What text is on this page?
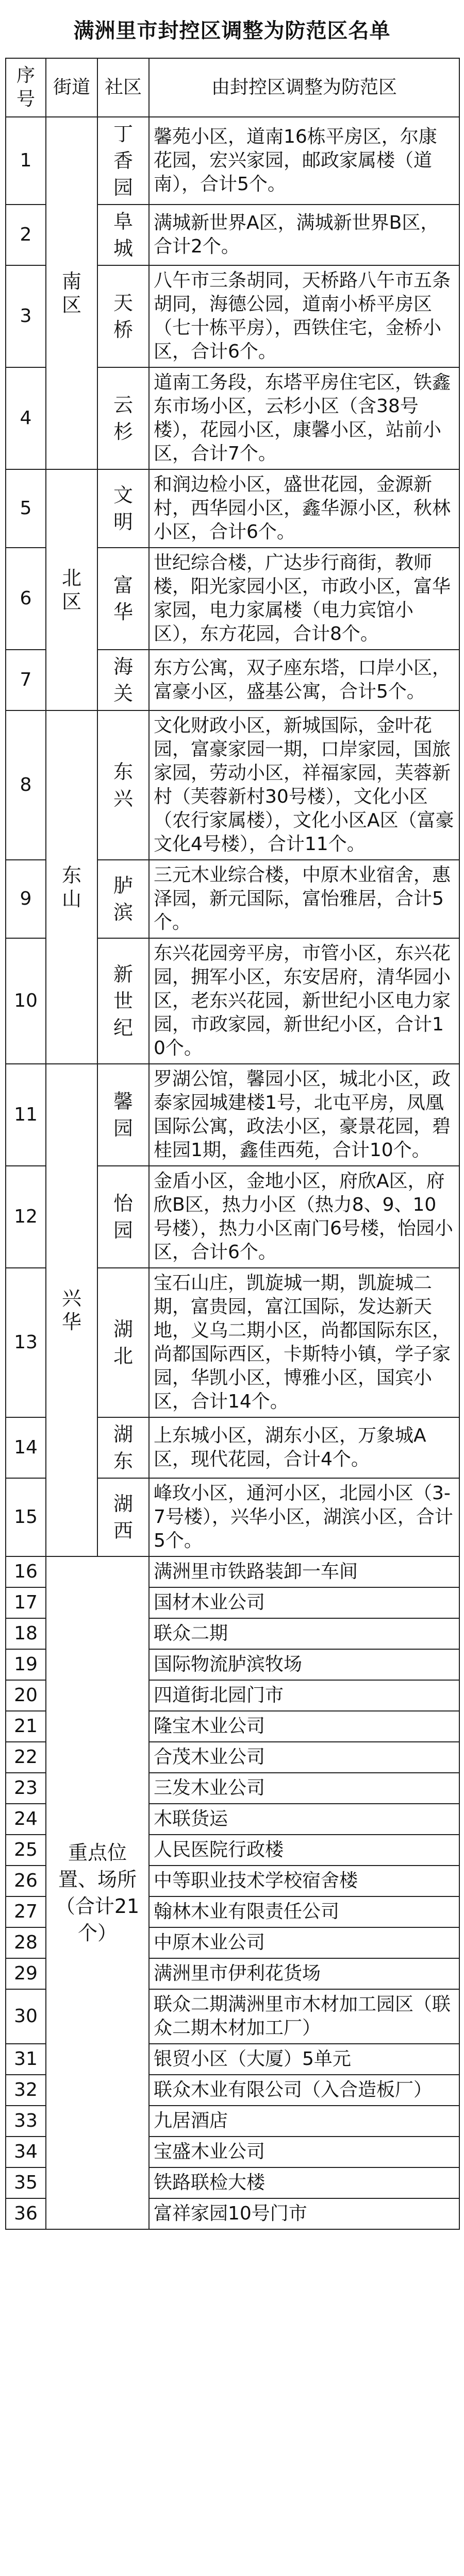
满洲里市封控区调整为防范区名单
序号	街道	社区	由封控区调整为防范区
1	南区	丁香园	馨苑小区，道南16栋平房区，尔康花园，宏兴家园，邮政家属楼（道南），合计5个。
2		阜城	满城新世界A区，满城新世界B区，合计2个。
3		天桥	八午市三条胡同，天桥路八午市五条胡同，海德公园，道南小桥平房区（七十栋平房），西铁住宅，金桥小区，合计6个。
4		云杉	道南工务段，东塔平房住宅区，铁鑫东市场小区，云杉小区（含38号楼），花园小区，康馨小区，站前小区，合计7个。
5	北区	文明	和润边检小区，盛世花园，金源新村，西华园小区，鑫华源小区，秋林小区，合计6个。
6		富华	世纪综合楼，广达步行商街，教师楼，阳光家园小区，市政小区，富华家园，电力家属楼（电力宾馆小区），东方花园，合计8个。
7		海关	东方公寓，双子座东塔，口岸小区，富豪小区，盛基公寓，合计5个。
8	东山	东兴	文化财政小区，新城国际，金叶花园，富豪家园一期，口岸家园，国旅家园，劳动小区，祥福家园，芙蓉新村（芙蓉新村30号楼），文化小区（农行家属楼），文化小区A区（富豪文化4号楼），合计11个。
9		胪滨	三元木业综合楼，中原木业宿舍，惠泽园，新元国际，富怡雅居，合计5个。
10		新世纪	东兴花园旁平房，市管小区，东兴花园，拥军小区，东安居府，清华园小区，老东兴花园，新世纪小区电力家园，市政家园，新世纪小区，合计10个。
11	兴华	馨园	罗湖公馆，馨园小区，城北小区，政泰家园城建楼1号，北屯平房，凤凰国际公寓，政法小区，豪景花园，碧桂园1期，鑫佳西苑，合计10个。
12		怡园	金盾小区，金地小区，府欣A区，府欣B区，热力小区（热力8、9、10号楼），热力小区南门6号楼，怡园小区，合计6个。
13		湖北	宝石山庄，凯旋城一期，凯旋城二期，富贵园，富江国际，发达新天地，义乌二期小区，尚都国际东区，尚都国际西区，卡斯特小镇，学子家园，华凯小区，博雅小区，国宾小区，合计14个。
14		湖东	上东城小区，湖东小区，万象城A区，现代花园，合计4个。
15		湖西	峰玫小区，通河小区，北园小区（3-7号楼），兴华小区，湖滨小区，合计5个。
16	重点位置、场所（合计21个）		满洲里市铁路装卸一车间
17			国材木业公司
18			联众二期
19			国际物流胪滨牧场
20			四道街北园门市
21			隆宝木业公司
22			合茂木业公司
23			三发木业公司
24			木联货运
25			人民医院行政楼
26			中等职业技术学校宿舍楼
27			翰林木业有限责任公司
28			中原木业公司
29			满洲里市伊利花货场
30			联众二期满洲里市木材加工园区（联众二期木材加工厂）
31			银贸小区（大厦）5单元
32			联众木业有限公司（入合造板厂）
33			九居酒店
34			宝盛木业公司
35			铁路联检大楼
36			富祥家园10号门市
